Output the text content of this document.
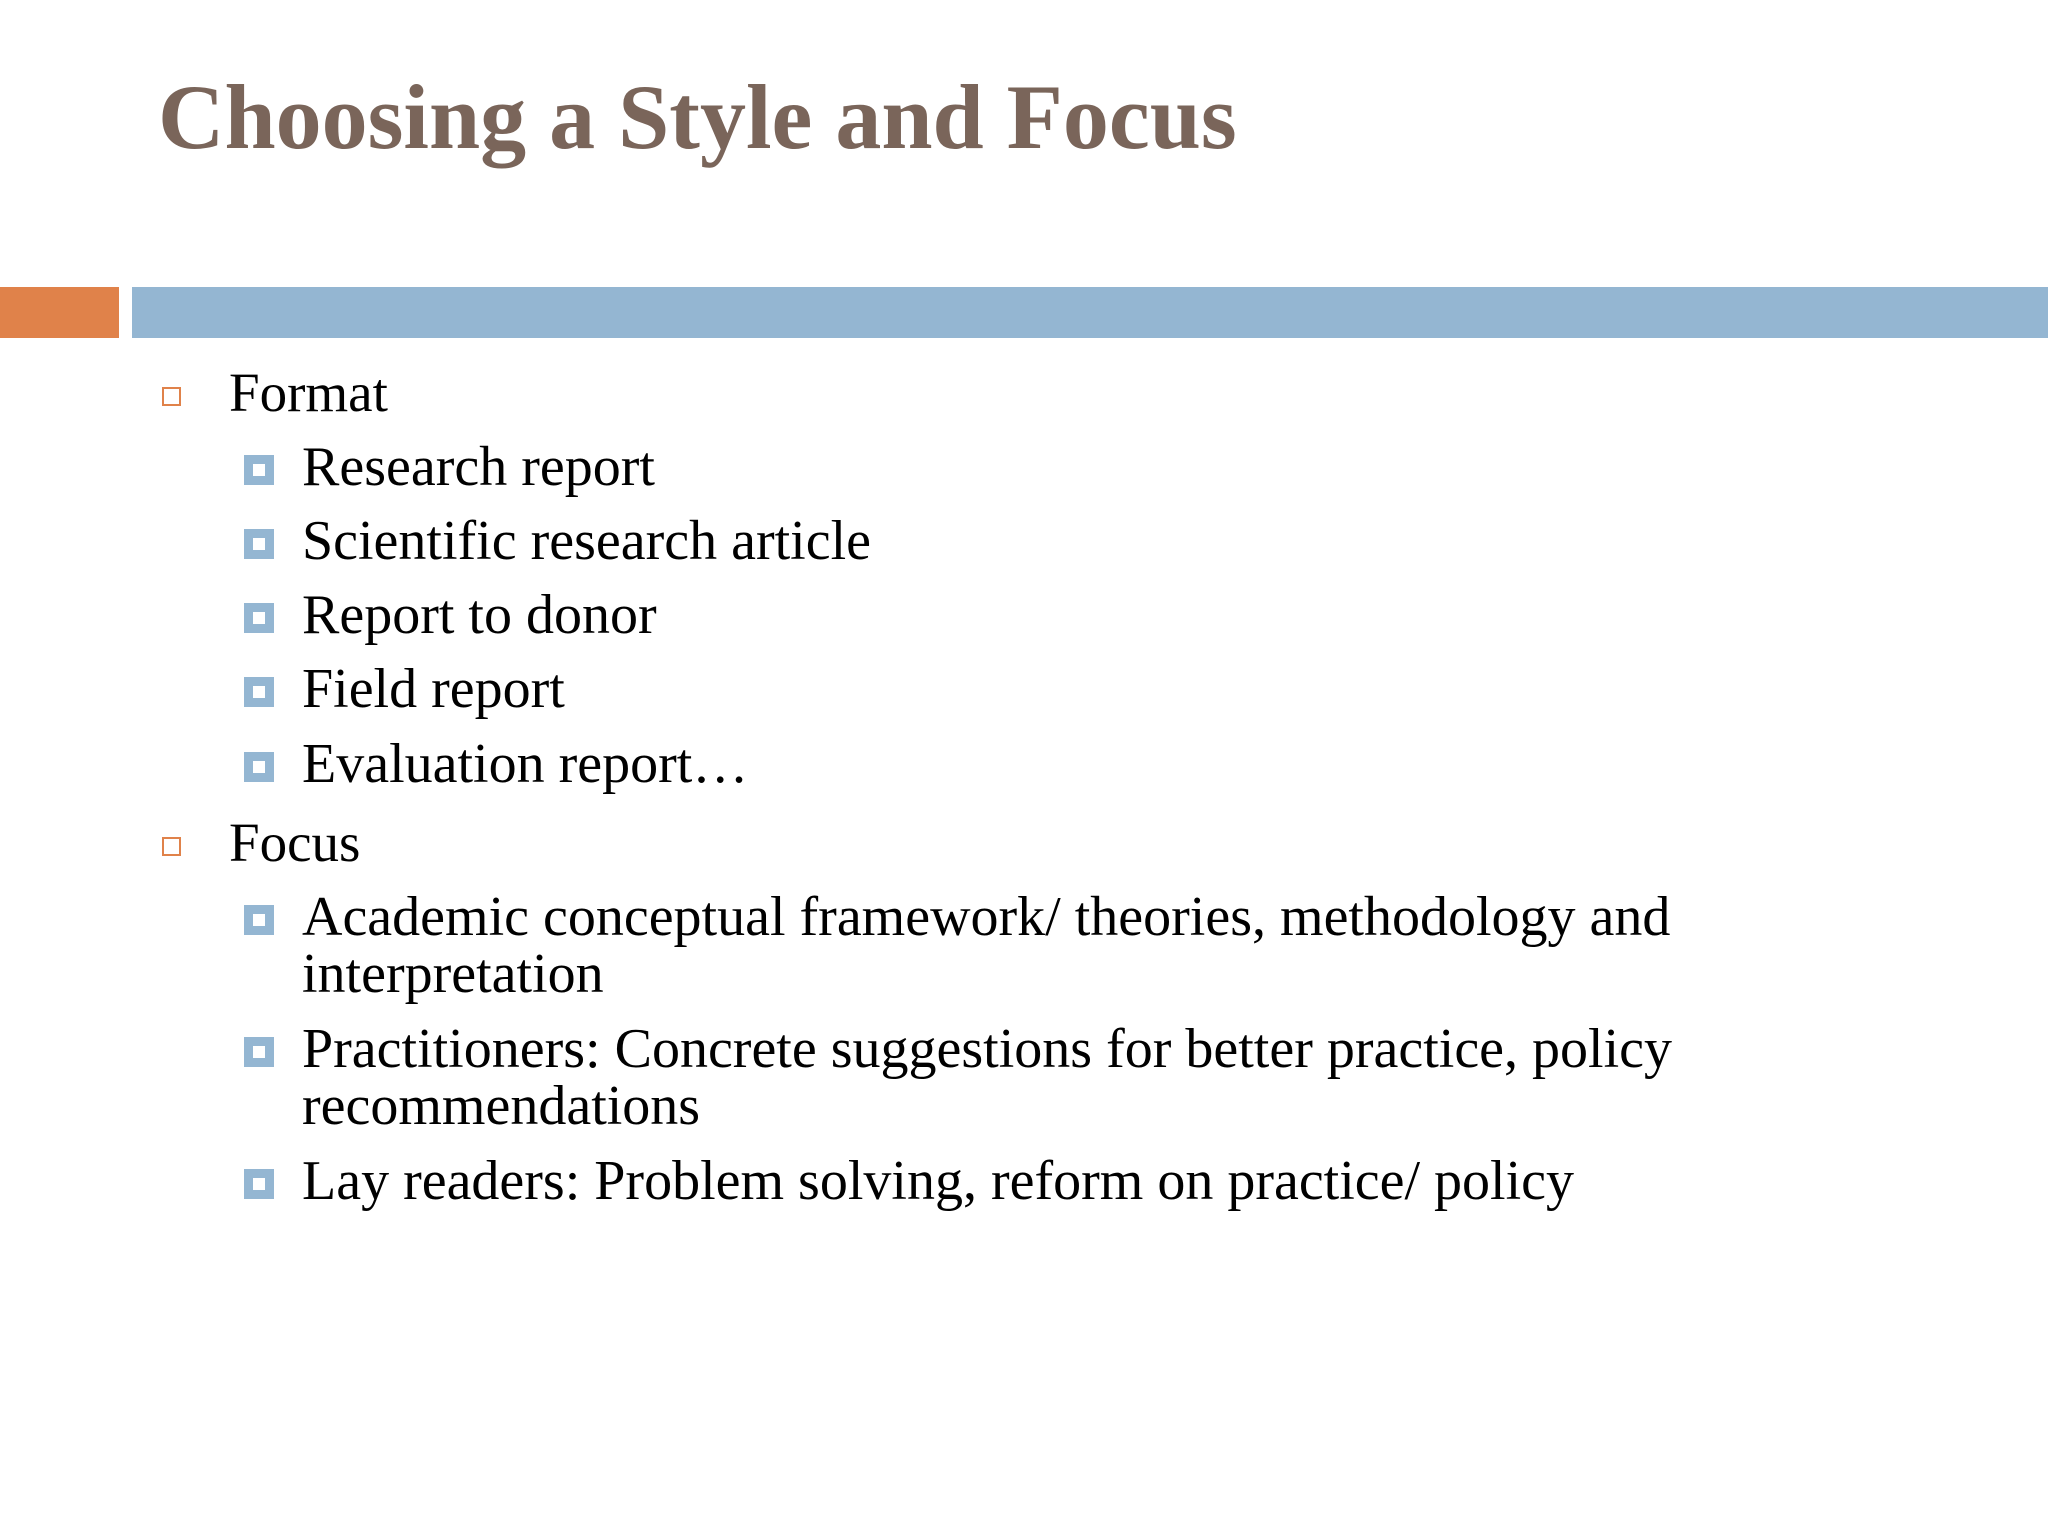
Choosing a Style and Focus
Format
Research report
Scientific research article
Report to donor
Field report
Evaluation report…
Focus
Academic conceptual framework/ theories, methodology and
interpretation
Practitioners: Concrete suggestions for better practice, policy
recommendations
Lay readers: Problem solving, reform on practice/ policy
